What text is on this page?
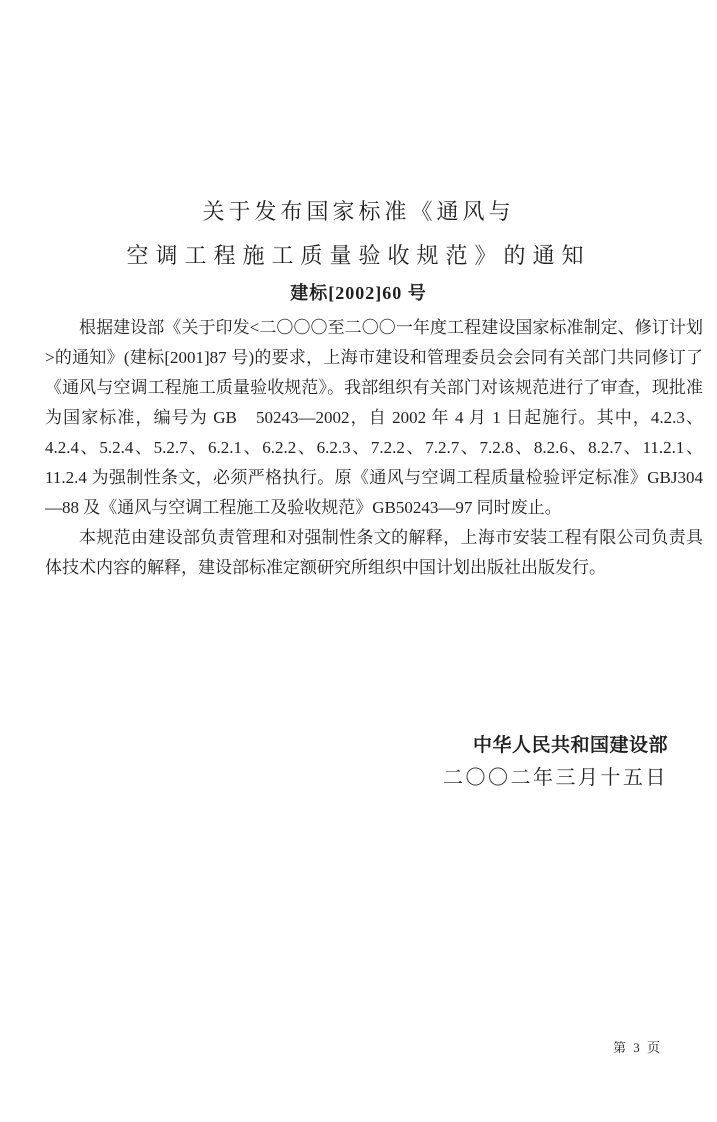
关于发布国家标准《通风与
空调工程施工质量验收规范》的通知
建标[2002]60 号

根据建设部《关于印发<二〇〇〇至二〇〇一年度工程建设国家标准制定、修订计划>的通知》(建标[2001]87 号)的要求，上海市建设和管理委员会会同有关部门共同修订了《通风与空调工程施工质量验收规范》。我部组织有关部门对该规范进行了审查，现批准为国家标准，编号为 GB　50243—2002，自 2002 年 4 月 1 日起施行。其中，4.2.3、4.2.4、5.2.4、5.2.7、6.2.1、6.2.2、6.2.3、7.2.2、7.2.7、7.2.8、8.2.6、8.2.7、11.2.1、11.2.4 为强制性条文，必须严格执行。原《通风与空调工程质量检验评定标准》GBJ304—88 及《通风与空调工程施工及验收规范》GB50243—97 同时废止。

本规范由建设部负责管理和对强制性条文的解释，上海市安装工程有限公司负责具体技术内容的解释，建设部标准定额研究所组织中国计划出版社出版发行。

中华人民共和国建设部
二〇〇二年三月十五日
第 3 页
